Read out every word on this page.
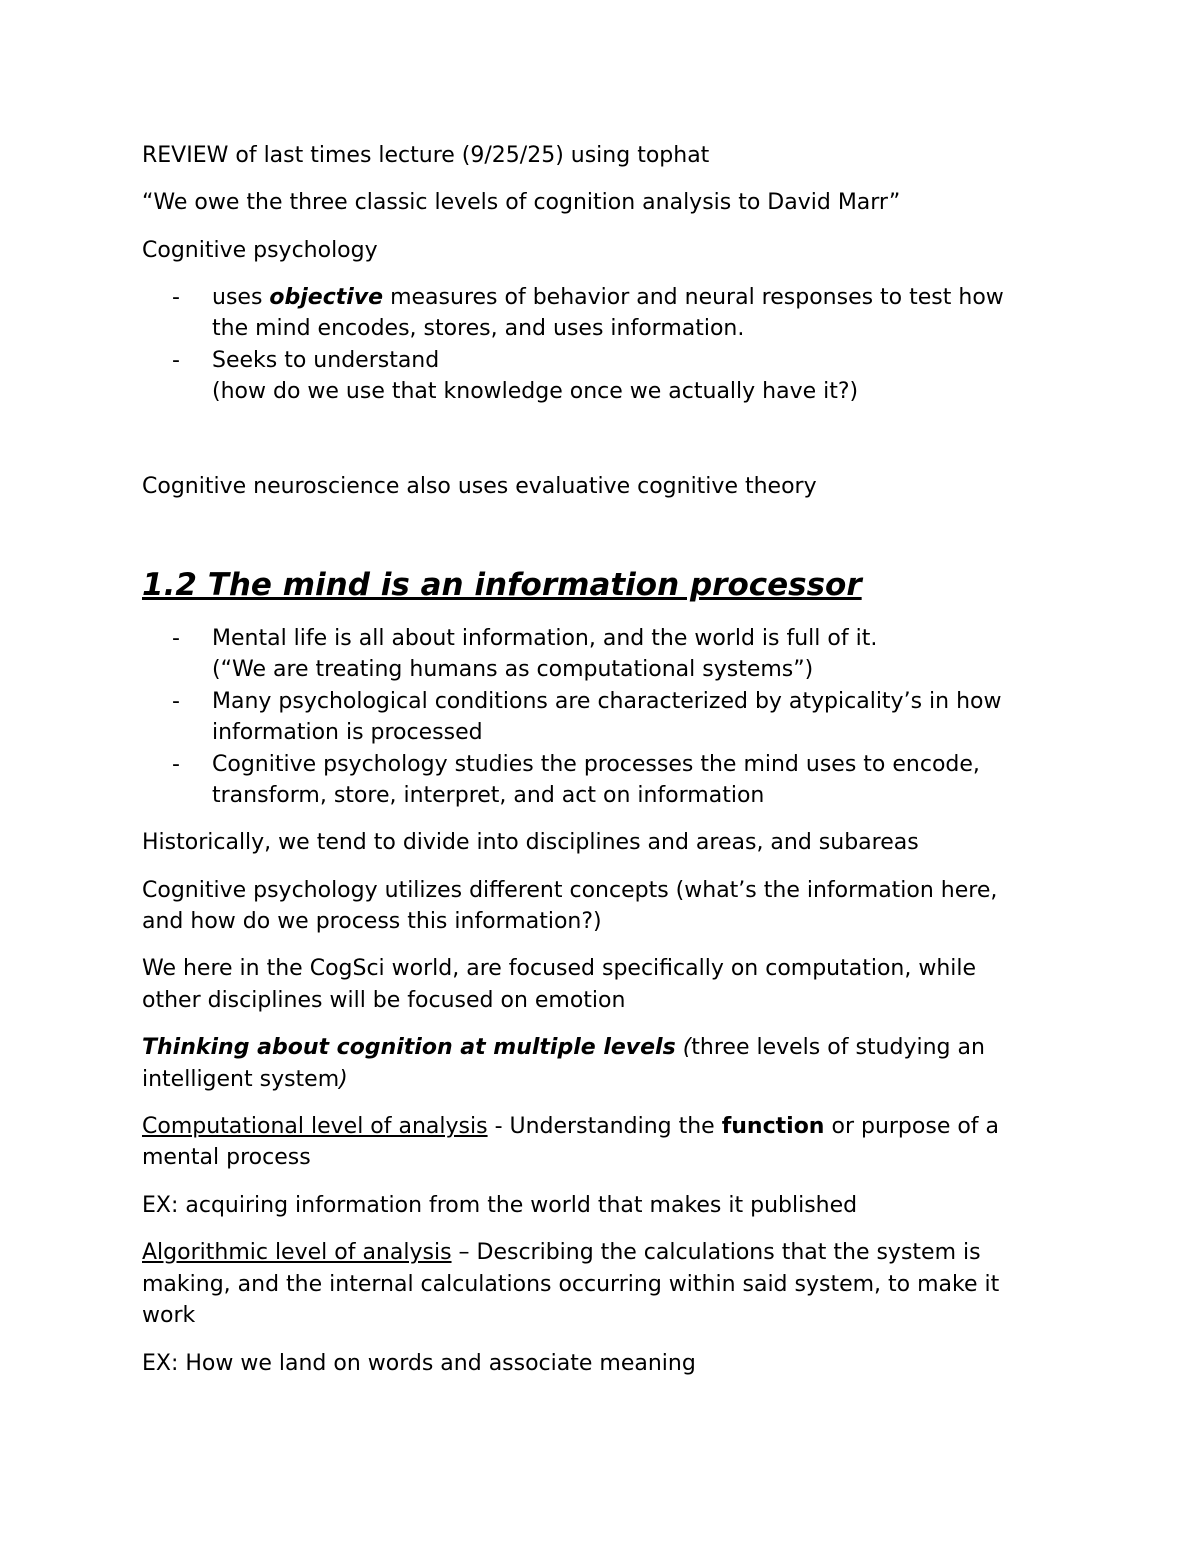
REVIEW of last times lecture (9/25/25) using tophat
“We owe the three classic levels of cognition analysis to David Marr”
Cognitive psychology
- uses objective measures of behavior and neural responses to test how
the mind encodes, stores, and uses information.
- Seeks to understand
(how do we use that knowledge once we actually have it?)
Cognitive neuroscience also uses evaluative cognitive theory
1.2 The mind is an information processor
- Mental life is all about information, and the world is full of it.
(“We are treating humans as computational systems”)
- Many psychological conditions are characterized by atypicality’s in how
information is processed
- Cognitive psychology studies the processes the mind uses to encode,
transform, store, interpret, and act on information
Historically, we tend to divide into disciplines and areas, and subareas
Cognitive psychology utilizes different concepts (what’s the information here,
and how do we process this information?)
We here in the CogSci world, are focused specifically on computation, while
other disciplines will be focused on emotion
Thinking about cognition at multiple levels (three levels of studying an
intelligent system)
Computational level of analysis - Understanding the function or purpose of a
mental process
EX: acquiring information from the world that makes it published
Algorithmic level of analysis – Describing the calculations that the system is
making, and the internal calculations occurring within said system, to make it
work
EX: How we land on words and associate meaning
